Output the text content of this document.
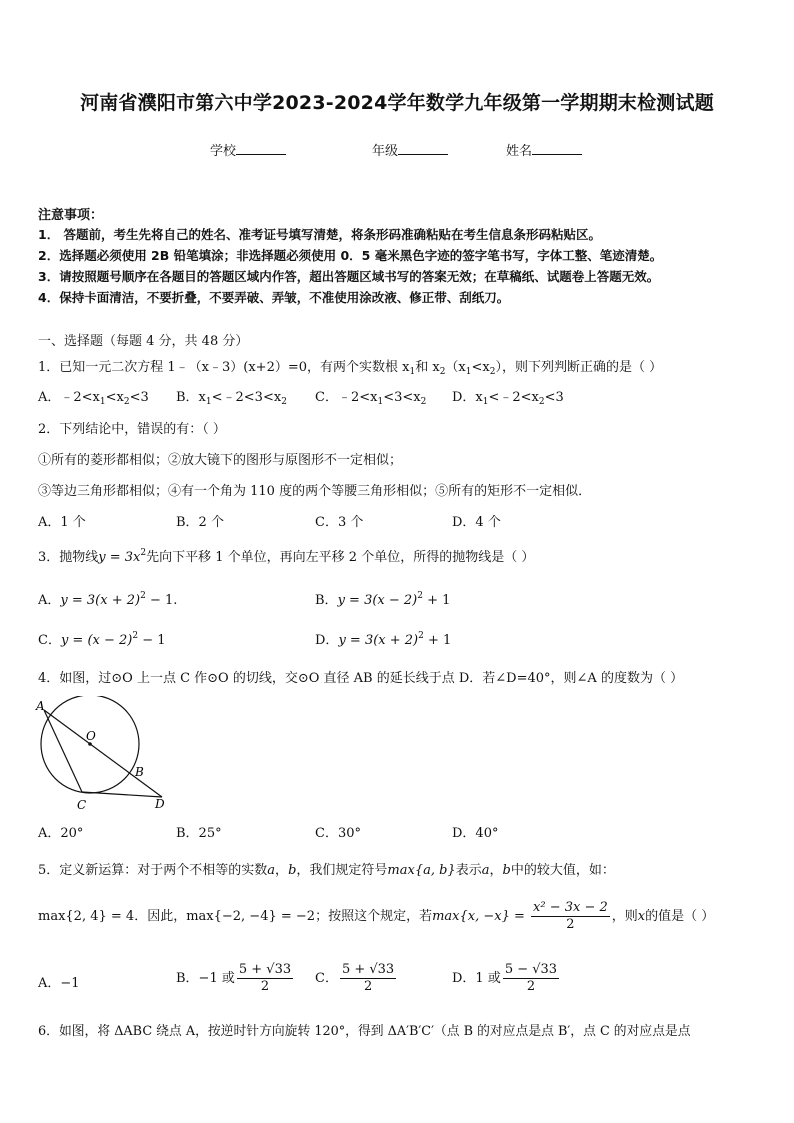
河南省濮阳市第六中学2023-2024学年数学九年级第一学期期末检测试题
学校	年级	姓名
注意事项：
1． 答题前，考生先将自己的姓名、准考证号填写清楚，将条形码准确粘贴在考生信息条形码粘贴区。
2．选择题必须使用 2B 铅笔填涂；非选择题必须使用 0．5 毫米黑色字迹的签字笔书写，字体工整、笔迹清楚。
3．请按照题号顺序在各题目的答题区域内作答，超出答题区域书写的答案无效；在草稿纸、试题卷上答题无效。
4．保持卡面清洁，不要折叠，不要弄破、弄皱，不准使用涂改液、修正带、刮纸刀。
一、选择题（每题 4 分，共 48 分）
1．已知一元二次方程 1﹣（x﹣3）(x+2）=0，有两个实数根 $x_1$和 $x_2(x_1<x_2)$，则下列判断正确的是（ ）
A．$﹣2<x_1<x_2<3$ B．$x_1<﹣2<3<x_2$ C．$﹣2<x_1<3<x_2$ D．$x_1<﹣2<x_2<3$
2．下列结论中，错误的有：（ ）
①所有的菱形都相似；②放大镜下的图形与原图形不一定相似；
③等边三角形都相似；④有一个角为 110 度的两个等腰三角形相似；⑤所有的矩形不一定相似．
A．1 个	B．2 个	C．3 个	D．4 个
3．抛物线$y = 3x^2$先向下平移 1 个单位，再向左平移 2 个单位，所得的抛物线是（ ）
A．$y = 3(x + 2)^2 - 1$.	B．$y = 3(x - 2)^2 + 1$
C．$y = (x - 2)^2 - 1$	D．$y = 3(x + 2)^2 + 1$
4．如图，过⊙O 上一点 C 作⊙O 的切线，交⊙O 直径 AB 的延长线于点 D．若∠D=40°，则∠A 的度数为（ ）
A
O
B
C	D
A．20°	B．25°	C．30°	D．40°
5．定义新运算：对于两个不相等的实数a，b，我们规定符号max{a, b}表示a，b中的较大值，如：
max{2, 4} = 4．因此，max{−2, −4} = −2；按照这个规定，若max{x, $-x\} = \frac{\text{x² − 3x − 2}}{2}$ ，则x的值是（ ）
A．−1	B．−1 或 $\frac{5 + √33}{2}$ C． $\frac{5 + √33}{2}$	D．1 或 $\frac{5 - √33}{2}$
6．如图，将 ΔABC 绕点 A，按逆时针方向旋转 120°，得到 ΔA′B′C′（点 B 的对应点是点 B′，点 C 的对应点是点
